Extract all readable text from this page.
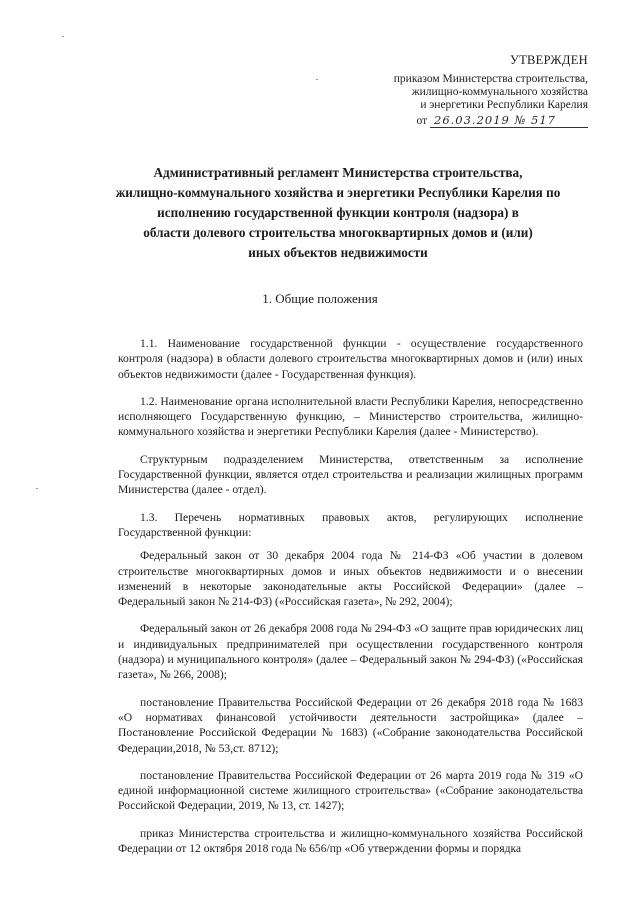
УТВЕРЖДЕН
приказом Министерства строительства,
жилищно-коммунального хозяйства
и энергетики Республики Карелия
от 26.03.2019 № 517
Административный регламент Министерства строительства,
жилищно-коммунального хозяйства и энергетики Республики Карелия по
исполнению государственной функции контроля (надзора) в
области долевого строительства многоквартирных домов и (или)
иных объектов недвижимости
1. Общие положения

1.1. Наименование государственной функции - осуществление государственного контроля (надзора) в области долевого строительства многоквартирных домов и (или) иных объектов недвижимости (далее - Государственная функция).

1.2. Наименование органа исполнительной власти Республики Карелия, непосредственно исполняющего Государственную функцию, – Министерство строительства, жилищно-коммунального хозяйства и энергетики Республики Карелия (далее - Министерство).

Структурным подразделением Министерства, ответственным за исполнение Государственной функции, является отдел строительства и реализации жилищных программ Министерства (далее - отдел).

1.3. Перечень нормативных правовых актов, регулирующих исполнение Государственной функции:

Федеральный закон от 30 декабря 2004 года № 214-ФЗ «Об участии в долевом строительстве многоквартирных домов и иных объектов недвижимости и о внесении изменений в некоторые законодательные акты Российской Федерации» (далее – Федеральный закон № 214-ФЗ) («Российская газета», № 292, 2004);

Федеральный закон от 26 декабря 2008 года № 294-ФЗ «О защите прав юридических лиц и индивидуальных предпринимателей при осуществлении государственного контроля (надзора) и муниципального контроля» (далее – Федеральный закон № 294-ФЗ) («Российская газета», № 266, 2008);

постановление Правительства Российской Федерации от 26 декабря 2018 года № 1683 «О нормативах финансовой устойчивости деятельности застройщика» (далее – Постановление Российской Федерации № 1683) («Собрание законодательства Российской Федерации,2018, № 53,ст. 8712);

постановление Правительства Российской Федерации от 26 марта 2019 года № 319 «О единой информационной системе жилищного строительства» («Собрание законодательства Российской Федерации, 2019, № 13, ст. 1427);

приказ Министерства строительства и жилищно-коммунального хозяйства Российской Федерации от 12 октября 2018 года № 656/пр «Об утверждении формы и порядка
